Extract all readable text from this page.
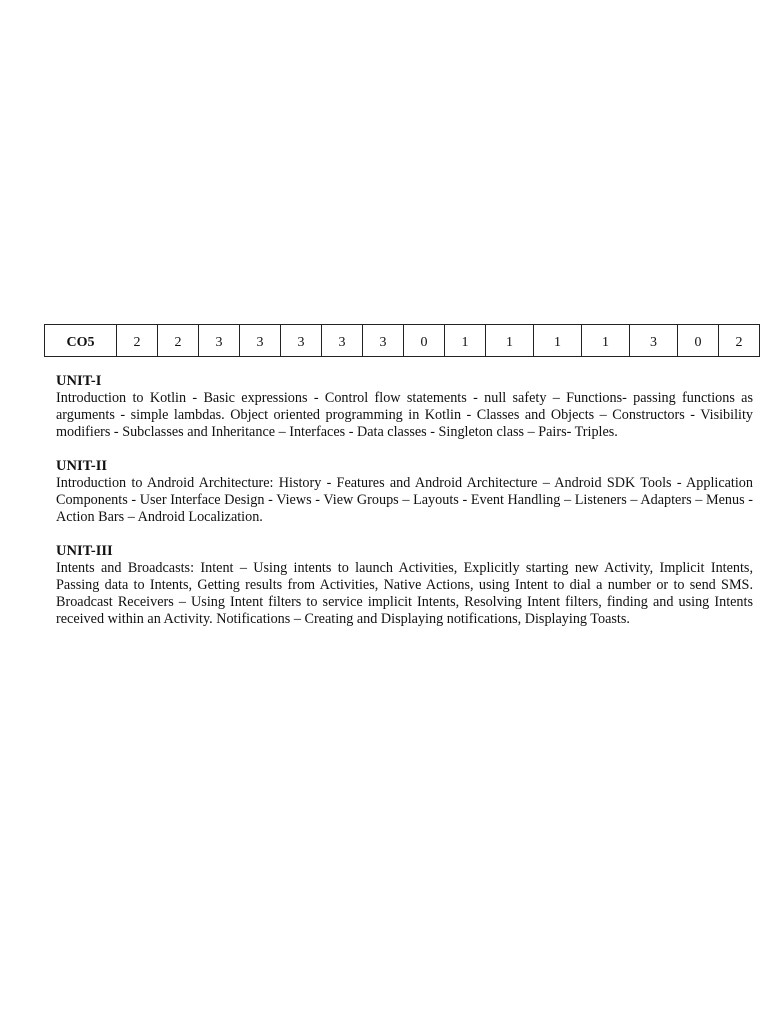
CO5	2	2	3	3	3	3	3	0	1	1	1	1	3	0	2

UNIT-I

Introduction to Kotlin - Basic expressions - Control flow statements - null safety – Functions- passing functions as arguments - simple lambdas. Object oriented programming in Kotlin - Classes and Objects – Constructors - Visibility modifiers - Subclasses and Inheritance – Interfaces - Data classes - Singleton class – Pairs- Triples.

UNIT-II

Introduction to Android Architecture: History - Features and Android Architecture – Android SDK Tools - Application Components - User Interface Design - Views - View Groups – Layouts - Event Handling – Listeners – Adapters – Menus - Action Bars – Android Localization.

UNIT-III

Intents and Broadcasts: Intent – Using intents to launch Activities, Explicitly starting new Activity, Implicit Intents, Passing data to Intents, Getting results from Activities, Native Actions, using Intent to dial a number or to send SMS. Broadcast Receivers – Using Intent filters to service implicit Intents, Resolving Intent filters, finding and using Intents received within an Activity. Notifications – Creating and Displaying notifications, Displaying Toasts.
